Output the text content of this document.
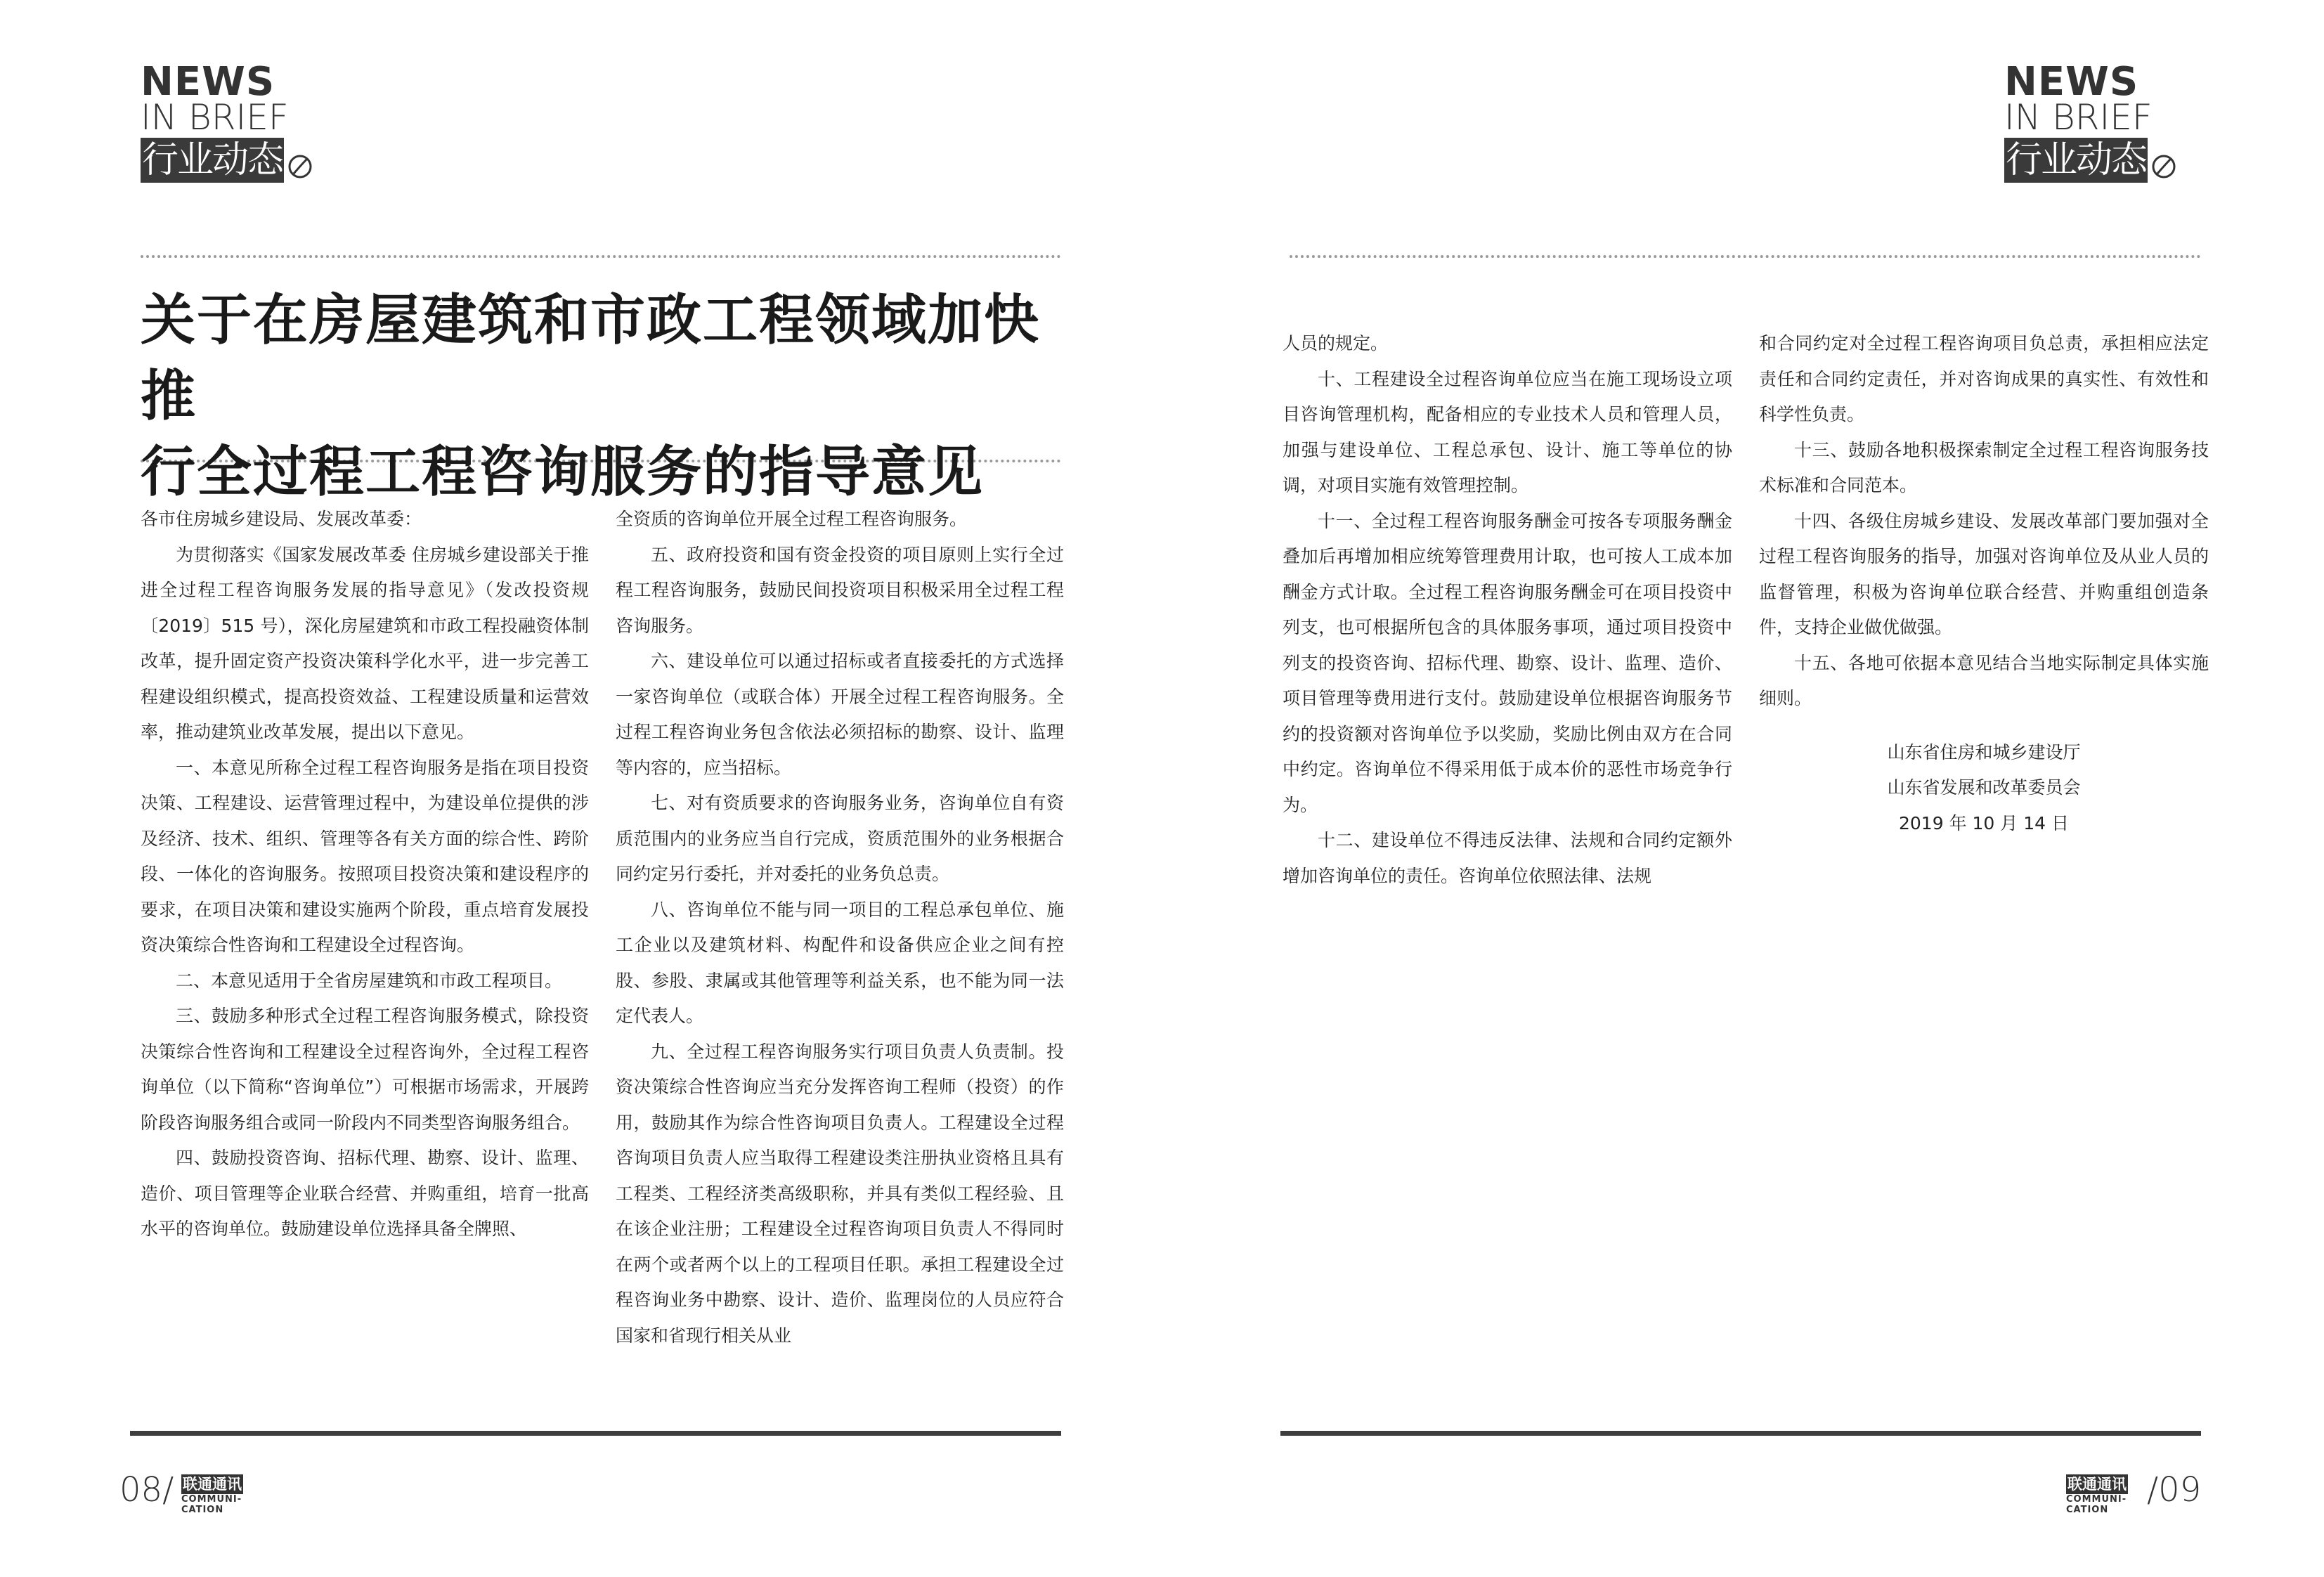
NEWS
IN BRIEF
行业动态
NEWS
IN BRIEF
行业动态
关于在房屋建筑和市政工程领域加快推
行全过程工程咨询服务的指导意见

各市住房城乡建设局、发展改革委：

为贯彻落实《国家发展改革委 住房城乡建设部关于推进全过程工程咨询服务发展的指导意见》（发改投资规〔2019〕515 号），深化房屋建筑和市政工程投融资体制改革，提升固定资产投资决策科学化水平，进一步完善工程建设组织模式，提高投资效益、工程建设质量和运营效率，推动建筑业改革发展，提出以下意见。

一、本意见所称全过程工程咨询服务是指在项目投资决策、工程建设、运营管理过程中，为建设单位提供的涉及经济、技术、组织、管理等各有关方面的综合性、跨阶段、一体化的咨询服务。按照项目投资决策和建设程序的要求，在项目决策和建设实施两个阶段，重点培育发展投资决策综合性咨询和工程建设全过程咨询。

二、本意见适用于全省房屋建筑和市政工程项目。

三、鼓励多种形式全过程工程咨询服务模式，除投资决策综合性咨询和工程建设全过程咨询外，全过程工程咨询单位（以下简称“咨询单位”）可根据市场需求，开展跨阶段咨询服务组合或同一阶段内不同类型咨询服务组合。

四、鼓励投资咨询、招标代理、勘察、设计、监理、造价、项目管理等企业联合经营、并购重组，培育一批高水平的咨询单位。鼓励建设单位选择具备全牌照、

全资质的咨询单位开展全过程工程咨询服务。

五、政府投资和国有资金投资的项目原则上实行全过程工程咨询服务，鼓励民间投资项目积极采用全过程工程咨询服务。

六、建设单位可以通过招标或者直接委托的方式选择一家咨询单位（或联合体）开展全过程工程咨询服务。全过程工程咨询业务包含依法必须招标的勘察、设计、监理等内容的，应当招标。

七、对有资质要求的咨询服务业务，咨询单位自有资质范围内的业务应当自行完成，资质范围外的业务根据合同约定另行委托，并对委托的业务负总责。

八、咨询单位不能与同一项目的工程总承包单位、施工企业以及建筑材料、构配件和设备供应企业之间有控股、参股、隶属或其他管理等利益关系，也不能为同一法定代表人。

九、全过程工程咨询服务实行项目负责人负责制。投资决策综合性咨询应当充分发挥咨询工程师（投资）的作用，鼓励其作为综合性咨询项目负责人。工程建设全过程咨询项目负责人应当取得工程建设类注册执业资格且具有工程类、工程经济类高级职称，并具有类似工程经验、且在该企业注册；工程建设全过程咨询项目负责人不得同时在两个或者两个以上的工程项目任职。承担工程建设全过程咨询业务中勘察、设计、造价、监理岗位的人员应符合国家和省现行相关从业

人员的规定。

十、工程建设全过程咨询单位应当在施工现场设立项目咨询管理机构，配备相应的专业技术人员和管理人员，加强与建设单位、工程总承包、设计、施工等单位的协调，对项目实施有效管理控制。

十一、全过程工程咨询服务酬金可按各专项服务酬金叠加后再增加相应统筹管理费用计取，也可按人工成本加酬金方式计取。全过程工程咨询服务酬金可在项目投资中列支，也可根据所包含的具体服务事项，通过项目投资中列支的投资咨询、招标代理、勘察、设计、监理、造价、项目管理等费用进行支付。鼓励建设单位根据咨询服务节约的投资额对咨询单位予以奖励，奖励比例由双方在合同中约定。咨询单位不得采用低于成本价的恶性市场竞争行为。

十二、建设单位不得违反法律、法规和合同约定额外增加咨询单位的责任。咨询单位依照法律、法规

和合同约定对全过程工程咨询项目负总责，承担相应法定责任和合同约定责任，并对咨询成果的真实性、有效性和科学性负责。

十三、鼓励各地积极探索制定全过程工程咨询服务技术标准和合同范本。

十四、各级住房城乡建设、发展改革部门要加强对全过程工程咨询服务的指导，加强对咨询单位及从业人员的监督管理，积极为咨询单位联合经营、并购重组创造条件，支持企业做优做强。

十五、各地可依据本意见结合当地实际制定具体实施细则。

山东省住房和城乡建设厅

山东省发展和改革委员会

2019 年 10 月 14 日

08/ 联通通讯
COMMUNI-
CATION
联通通讯
COMMUNI-
CATION
/09
